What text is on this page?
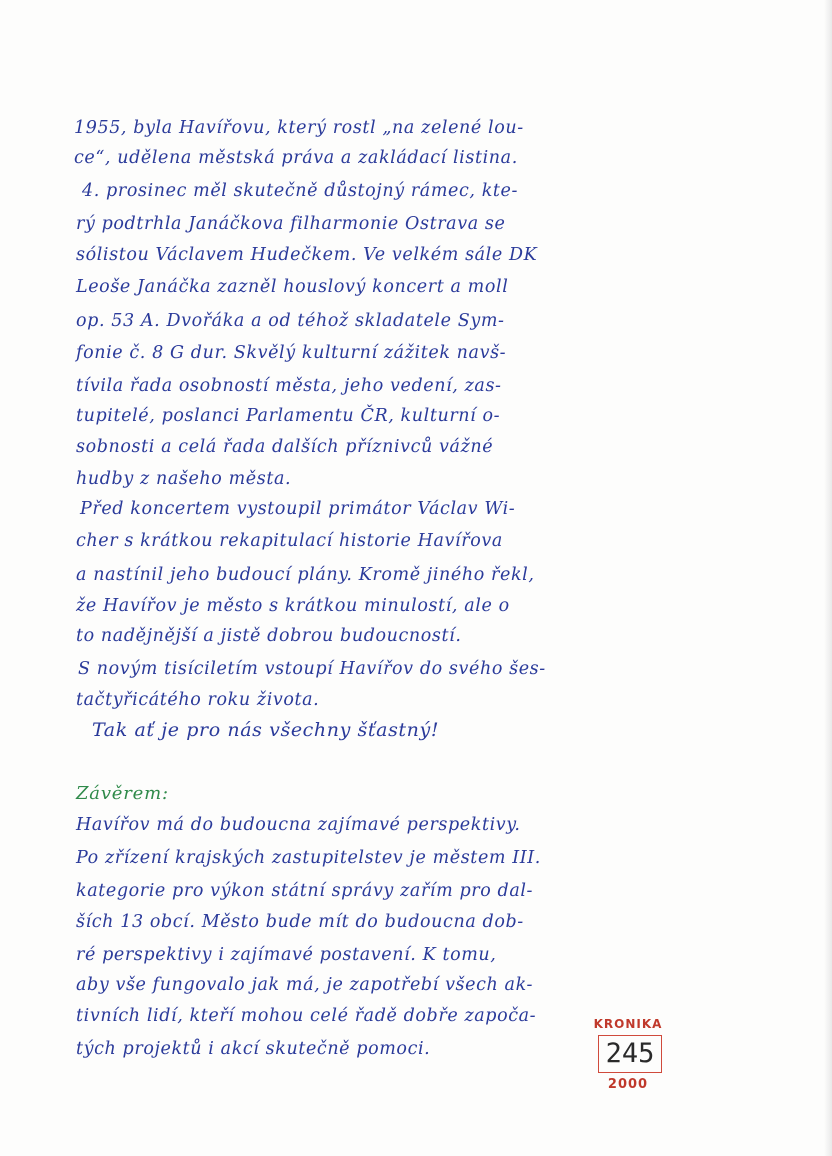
1955, byla Havířovu, který rostl „na zelené lou-
ce“, udělena městská práva a zakládací listina.
4. prosinec měl skutečně důstojný rámec, kte-
rý podtrhla Janáčkova filharmonie Ostrava se
sólistou Václavem Hudečkem. Ve velkém sále DK
Leoše Janáčka zazněl houslový koncert a moll
op. 53 A. Dvořáka a od téhož skladatele Sym-
fonie č. 8 G dur. Skvělý kulturní zážitek navš-
tívila řada osobností města, jeho vedení, zas-
tupitelé, poslanci Parlamentu ČR, kulturní o-
sobnosti a celá řada dalších příznivců vážné
hudby z našeho města.
Před koncertem vystoupil primátor Václav Wi-
cher s krátkou rekapitulací historie Havířova
a nastínil jeho budoucí plány. Kromě jiného řekl,
že Havířov je město s krátkou minulostí, ale o
to nadějnější a jistě dobrou budoucností.
S novým tisíciletím vstoupí Havířov do svého šes-
tačtyřicátého roku života.
Tak ať je pro nás všechny šťastný!
Závěrem:
Havířov má do budoucna zajímavé perspektivy.
Po zřízení krajských zastupitelstev je městem III.
kategorie pro výkon státní správy zařím pro dal-
ších 13 obcí. Město bude mít do budoucna dob-
ré perspektivy i zajímavé postavení. K tomu,
aby vše fungovalo jak má, je zapotřebí všech ak-
tivních lidí, kteří mohou celé řadě dobře započa-
tých projektů i akcí skutečně pomoci.
KRONIKA
245
2000
